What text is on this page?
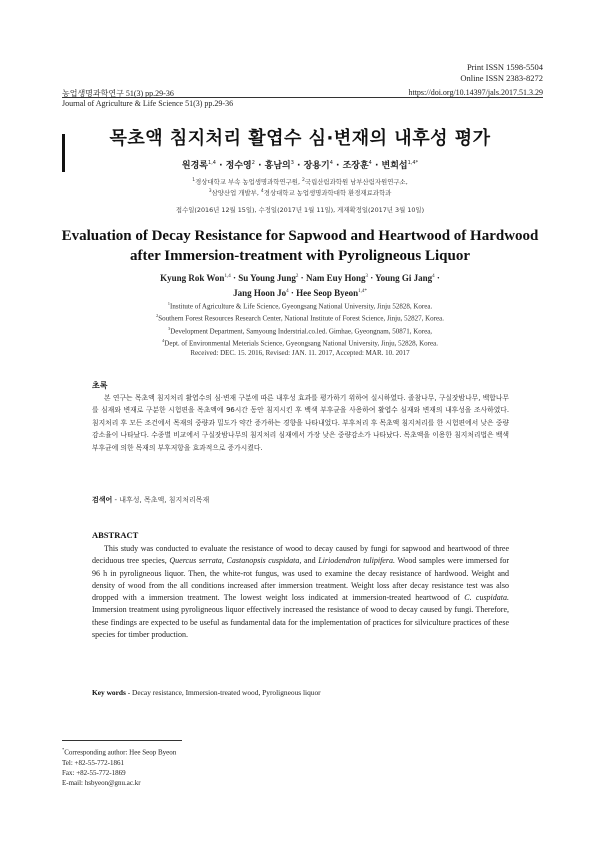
Print ISSN 1598-5504
Online ISSN 2383-8272
농업생명과학연구 51(3) pp.29-36	https://doi.org/10.14397/jals.2017.51.3.29
Journal of Agriculture & Life Science 51(3) pp.29-36
목초액 침지처리 활엽수 심·변재의 내후성 평가
원경록$^{1,4}$ · 정수영$^2$ · 홍남의$^3$ · 장용기$^4$ · 조장훈$^4$ · 변희섭$^{1,4*}$
$^1$경상대학교 부속 농업생명과학연구원, $^2$국립산림과학원 남부산림자원연구소,
$^3$삼양산업 개발부, $^4$경상대학교 농업생명과학대학 환경재료과학과
접수일(2016년 12월 15일), 수정일(2017년 1월 11일), 게재확정일(2017년 3월 10일)
Evaluation of Decay Resistance for Sapwood and Heartwood of Hardwood
after Immersion-treatment with Pyroligneous Liquor
Kyung Rok Won$^{1,4}$ · Su Young Jung$^2$ · Nam Euy Hong$^3$ · Young Gi Jang$^4$ ·
Jang Hoon $Jo^4$ · Hee Seop Byeon$^{1,4*}$
$^1$Institute of Agriculture & Life Science, Gyeongsang National University, Jinju 52828, Korea.
$^2$Southern Forest Resources Research Center, National Institute of Forest Science, Jinju, 52827, Korea.
$^3$Development Department, Samyoung Inderstrial.co.led. Gimhae, Gyeongnam, 50871, Korea,
$^4$Dept. of Environmental Meterials Science, Gyeongsang National University, Jinju, 52828, Korea.
Received: DEC. 15. 2016, Revised: JAN. 11. 2017, Accepted: MAR. 10. 2017
초록

본 연구는 목초액 침지처리 활엽수의 심·변재 구분에 따른 내후성 효과를 평가하기 위하여 실시하였다. 졸참나무, 구실잣밤나무, 백합나무를 심재와 변재로 구분한 시험편을 목초액에 96시간 동안 침지시킨 후 백색 부후균을 사용하여 활엽수 심재와 변재의 내후성을 조사하였다. 침지처리 후 모든 조건에서 목재의 중량과 밀도가 약간 증가하는 경향을 나타내었다. 부후처리 후 목초액 침지처리를 한 시험편에서 낮은 중량감소율이 나타났다. 수종별 비교에서 구실잣밤나무의 침지처리 심재에서 가장 낮은 중량감소가 나타났다. 목초액을 이용한 침지처리법은 백색 부후균에 의한 목재의 부후저항을 효과적으로 증가시켰다.

검색어 - 내후성, 목초액, 침지처리목재
ABSTRACT

This study was conducted to evaluate the resistance of wood to decay caused by fungi for sapwood and heartwood of three deciduous tree species, Quercus serrata, Castanopsis cuspidata, and Liriodendron tulipifera. Wood samples were immersed for 96 h in pyroligneous liquor. Then, the white-rot fungus, was used to examine the decay resistance of hardwood. Weight and density of wood from the all conditions increased after immersion treatment. Weight loss after decay resistance test was also dropped with a immersion treatment. The lowest weight loss indicated at immersion-treated heartwood of C. cuspidata. Immersion treatment using pyroligneous liquor effectively increased the resistance of wood to decay caused by fungi. Therefore, these findings are expected to be useful as fundamental data for the implementation of practices for silviculture practices of these species for timber production.

Key words - Decay resistance, Immersion-treated wood, Pyroligneous liquor
*Corresponding author: Hee Seop Byeon
Tel: +82-55-772-1861
Fax: +82-55-772-1869
E-mail: hsbyeon@gnu.ac.kr
